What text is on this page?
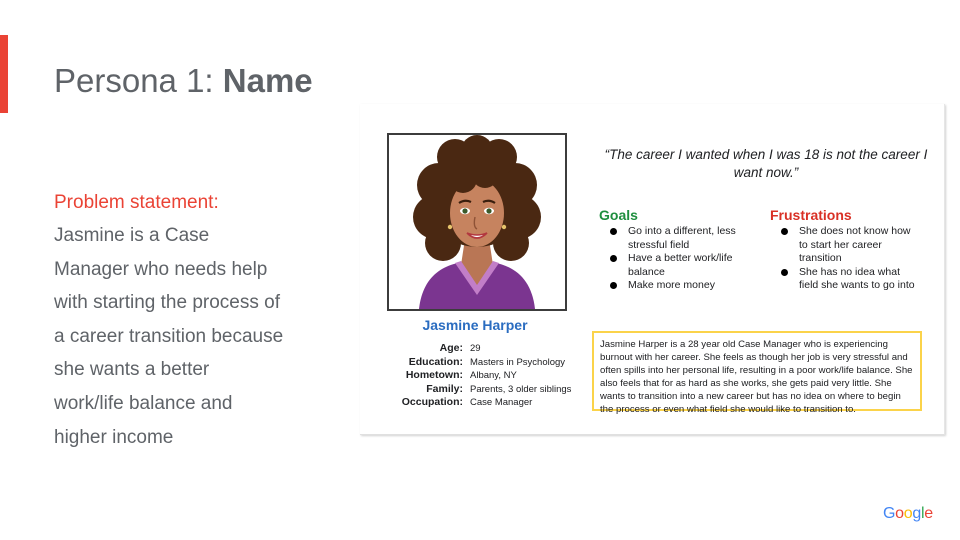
Persona 1: Name
Problem statement:
Jasmine is a Case Manager who needs help with starting the process of a career transition because she wants a better work/life balance and higher income
Jasmine Harper
Age: 29
Education: Masters in Psychology
Hometown: Albany, NY
Family: Parents, 3 older siblings
Occupation: Case Manager
“The career I wanted when I was 18 is not the career I want now.”
Goals
Go into a different, less stressful field
Have a better work/life balance
Make more money
Frustrations
She does not know how to start her career transition
She has no idea what field she wants to go into
Jasmine Harper is a 28 year old Case Manager who is experiencing burnout with her career. She feels as though her job is very stressful and often spills into her personal life, resulting in a poor work/life balance. She also feels that for as hard as she works, she gets paid very little. She wants to transition into a new career but has no idea on where to begin the process or even what field she would like to transition to.
Google
